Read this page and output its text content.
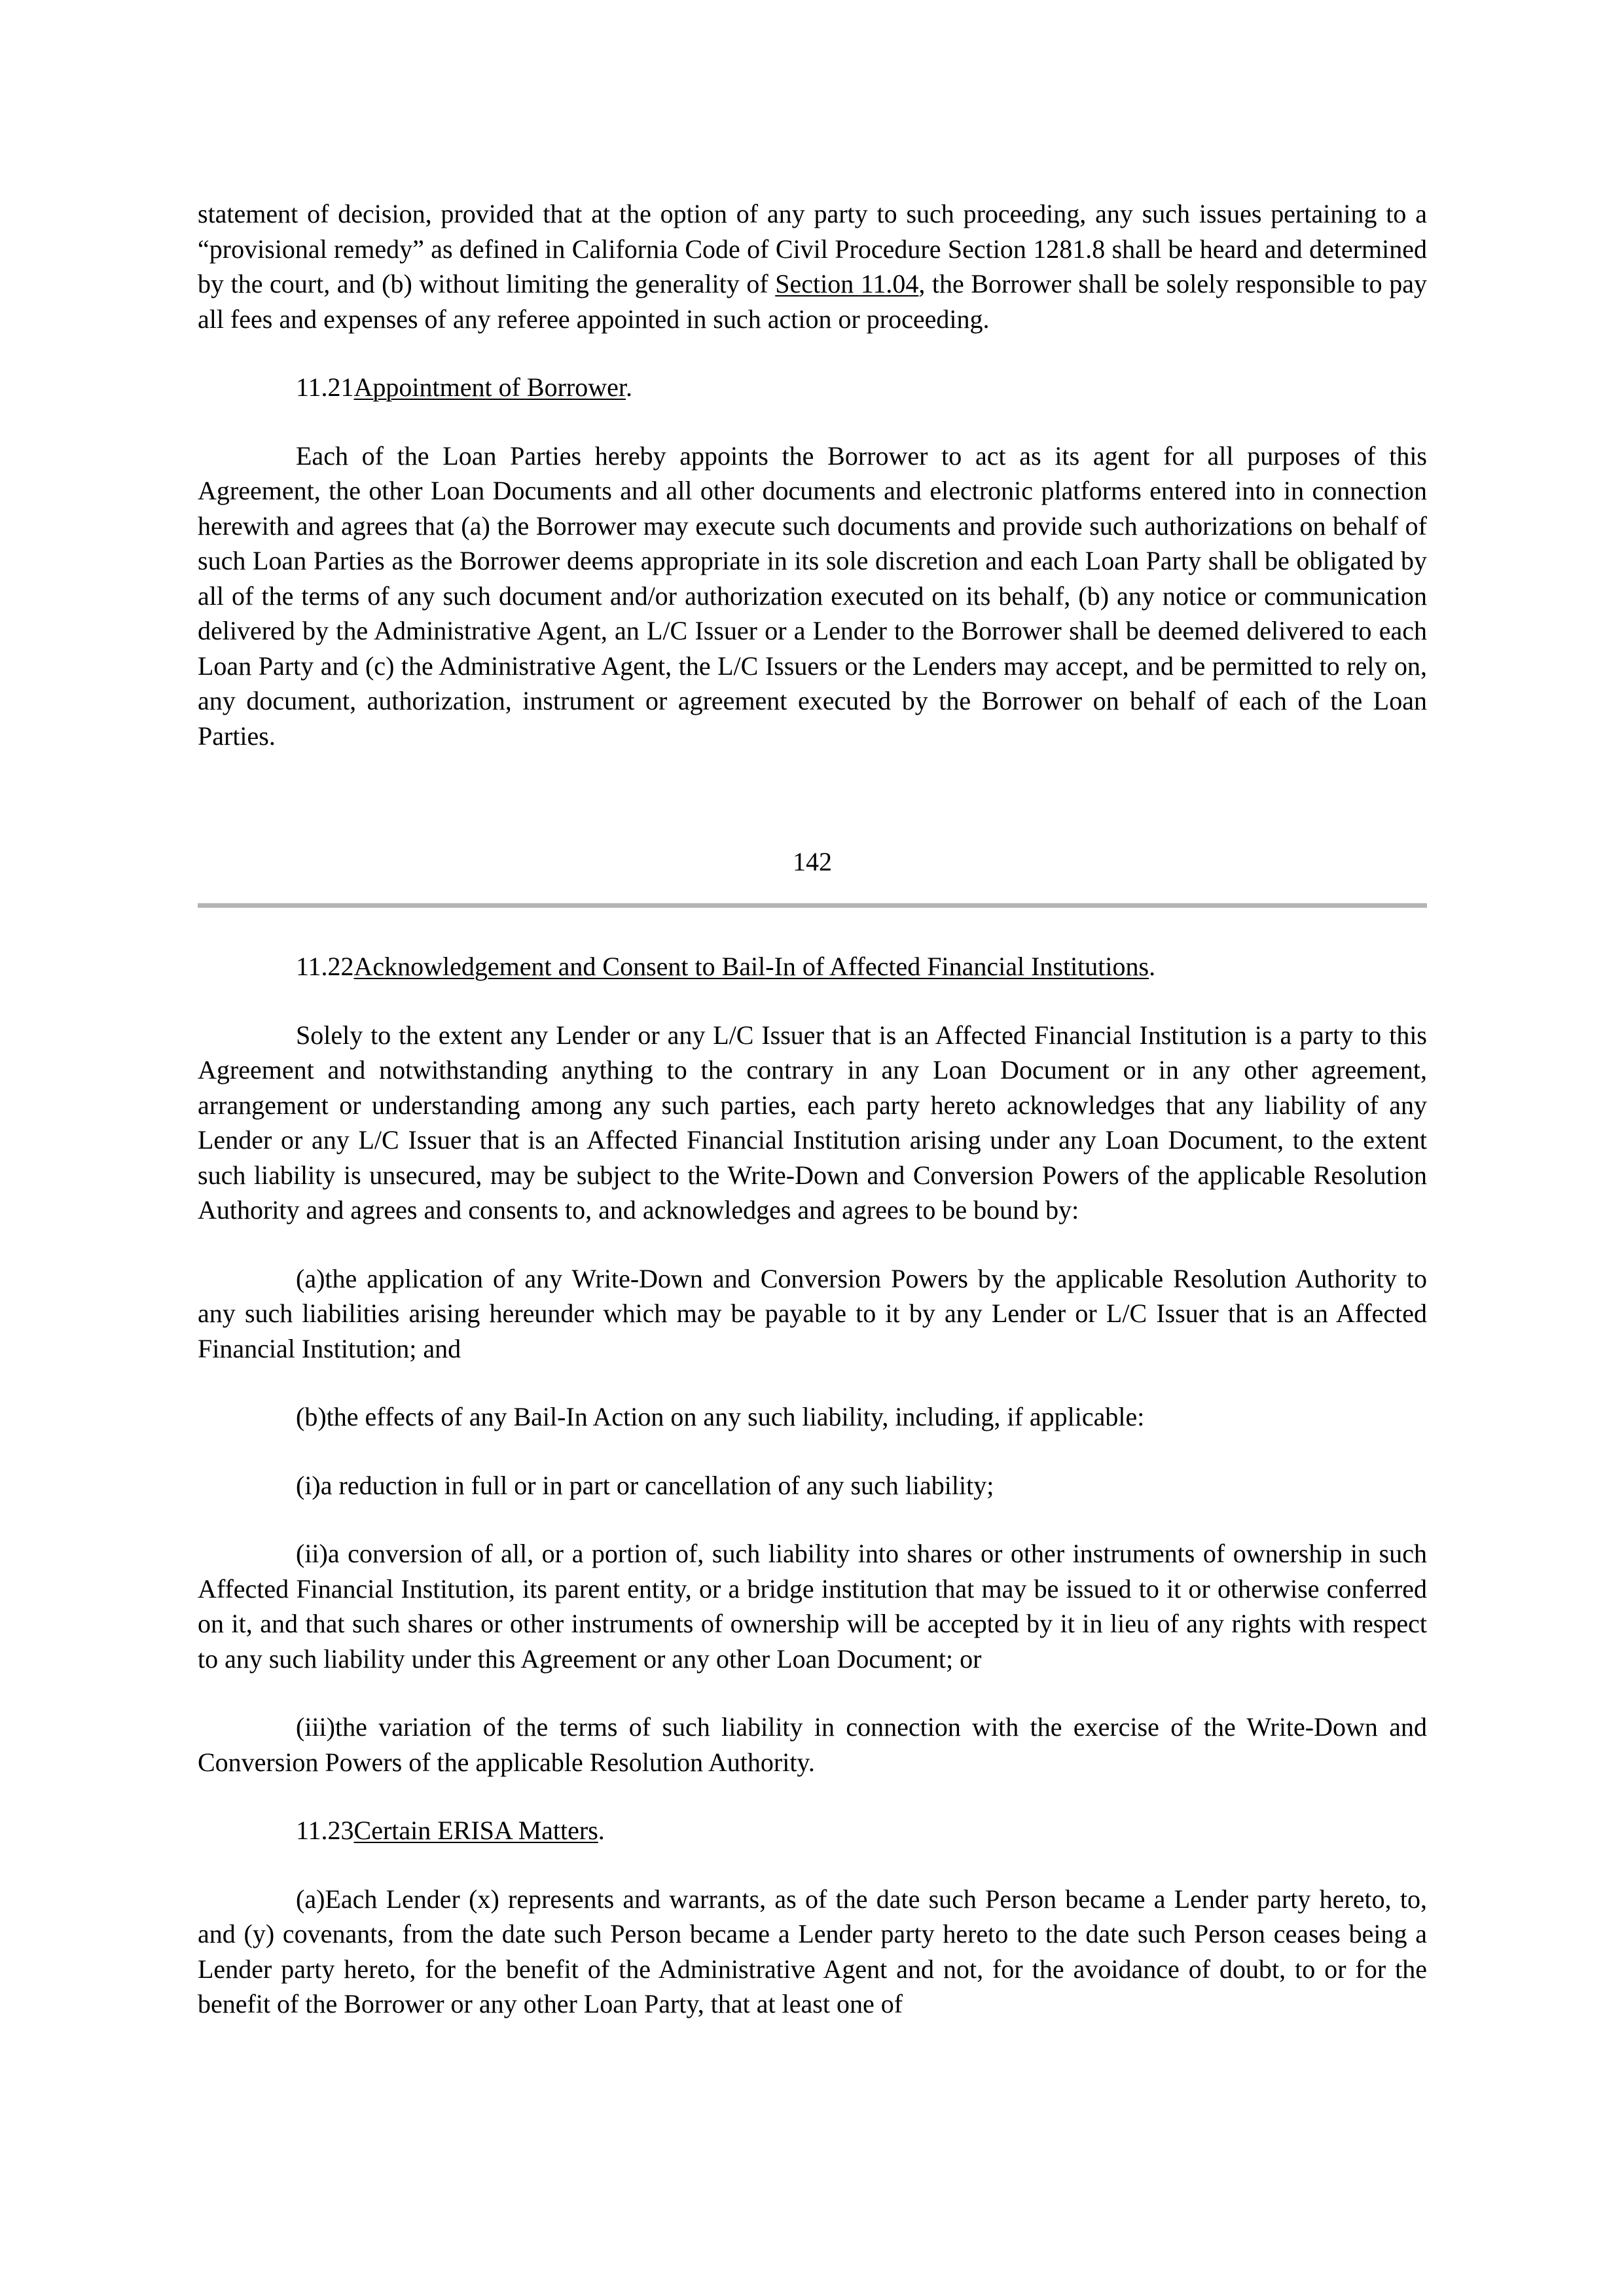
statement of decision, provided that at the option of any party to such proceeding, any such issues pertaining to a “provisional remedy” as defined in California Code of Civil Procedure Section 1281.8 shall be heard and determined by the court, and (b) without limiting the generality of Section 11.04, the Borrower shall be solely responsible to pay all fees and expenses of any referee appointed in such action or proceeding.

11.21Appointment of Borrower.

Each of the Loan Parties hereby appoints the Borrower to act as its agent for all purposes of this Agreement, the other Loan Documents and all other documents and electronic platforms entered into in connection herewith and agrees that (a) the Borrower may execute such documents and provide such authorizations on behalf of such Loan Parties as the Borrower deems appropriate in its sole discretion and each Loan Party shall be obligated by all of the terms of any such document and/or authorization executed on its behalf, (b) any notice or communication delivered by the Administrative Agent, an L/C Issuer or a Lender to the Borrower shall be deemed delivered to each Loan Party and (c) the Administrative Agent, the L/C Issuers or the Lenders may accept, and be permitted to rely on, any document, authorization, instrument or agreement executed by the Borrower on behalf of each of the Loan Parties.

142

11.22Acknowledgement and Consent to Bail-In of Affected Financial Institutions.

Solely to the extent any Lender or any L/C Issuer that is an Affected Financial Institution is a party to this Agreement and notwithstanding anything to the contrary in any Loan Document or in any other agreement, arrangement or understanding among any such parties, each party hereto acknowledges that any liability of any Lender or any L/C Issuer that is an Affected Financial Institution arising under any Loan Document, to the extent such liability is unsecured, may be subject to the Write-Down and Conversion Powers of the applicable Resolution Authority and agrees and consents to, and acknowledges and agrees to be bound by:

(a)the application of any Write-Down and Conversion Powers by the applicable Resolution Authority to any such liabilities arising hereunder which may be payable to it by any Lender or L/C Issuer that is an Affected Financial Institution; and

(b)the effects of any Bail-In Action on any such liability, including, if applicable:

(i)a reduction in full or in part or cancellation of any such liability;

(ii)a conversion of all, or a portion of, such liability into shares or other instruments of ownership in such Affected Financial Institution, its parent entity, or a bridge institution that may be issued to it or otherwise conferred on it, and that such shares or other instruments of ownership will be accepted by it in lieu of any rights with respect to any such liability under this Agreement or any other Loan Document; or

(iii)the variation of the terms of such liability in connection with the exercise of the Write-Down and Conversion Powers of the applicable Resolution Authority.

11.23Certain ERISA Matters.

(a)Each Lender (x) represents and warrants, as of the date such Person became a Lender party hereto, to, and (y) covenants, from the date such Person became a Lender party hereto to the date such Person ceases being a Lender party hereto, for the benefit of the Administrative Agent and not, for the avoidance of doubt, to or for the benefit of the Borrower or any other Loan Party, that at least one of
